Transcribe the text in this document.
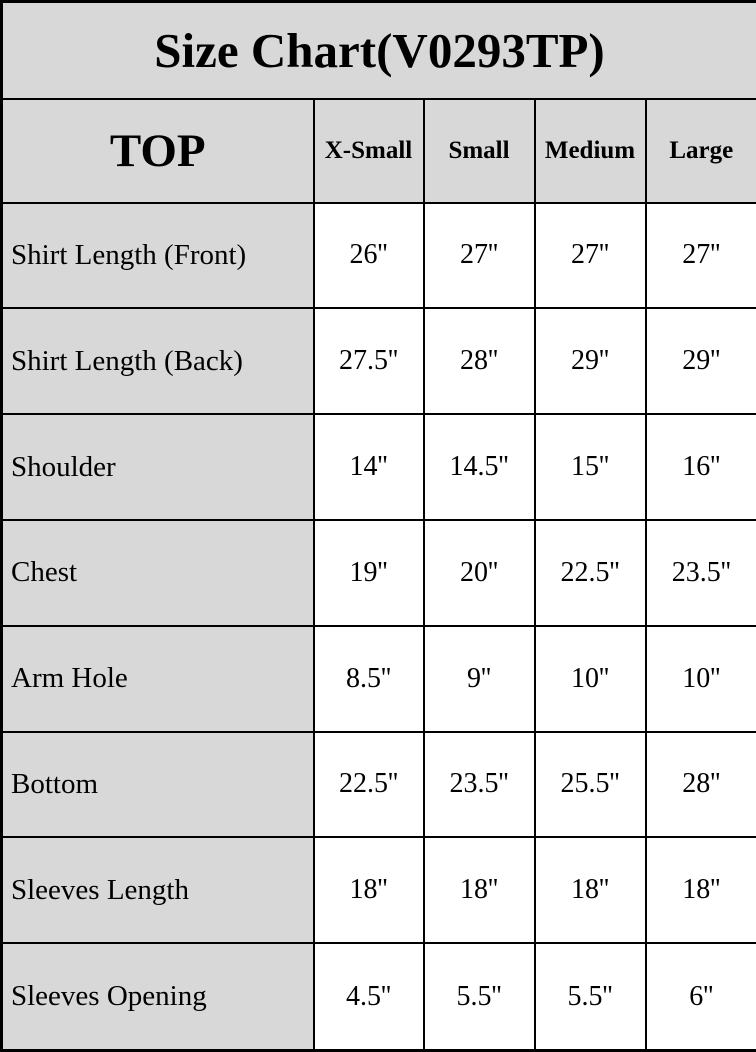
Size Chart(V0293TP)				
TOP	X-Small	Small	Medium	Large
Shirt Length (Front)	26''	27''	27''	27''
Shirt Length (Back)	27.5''	28''	29''	29''
Shoulder	14''	14.5''	15''	16''
Chest	19''	20''	22.5''	23.5''
Arm Hole	8.5''	9''	10''	10''
Bottom	22.5''	23.5''	25.5''	28''
Sleeves Length	18''	18''	18''	18''
Sleeves Opening	4.5''	5.5''	5.5''	6''
